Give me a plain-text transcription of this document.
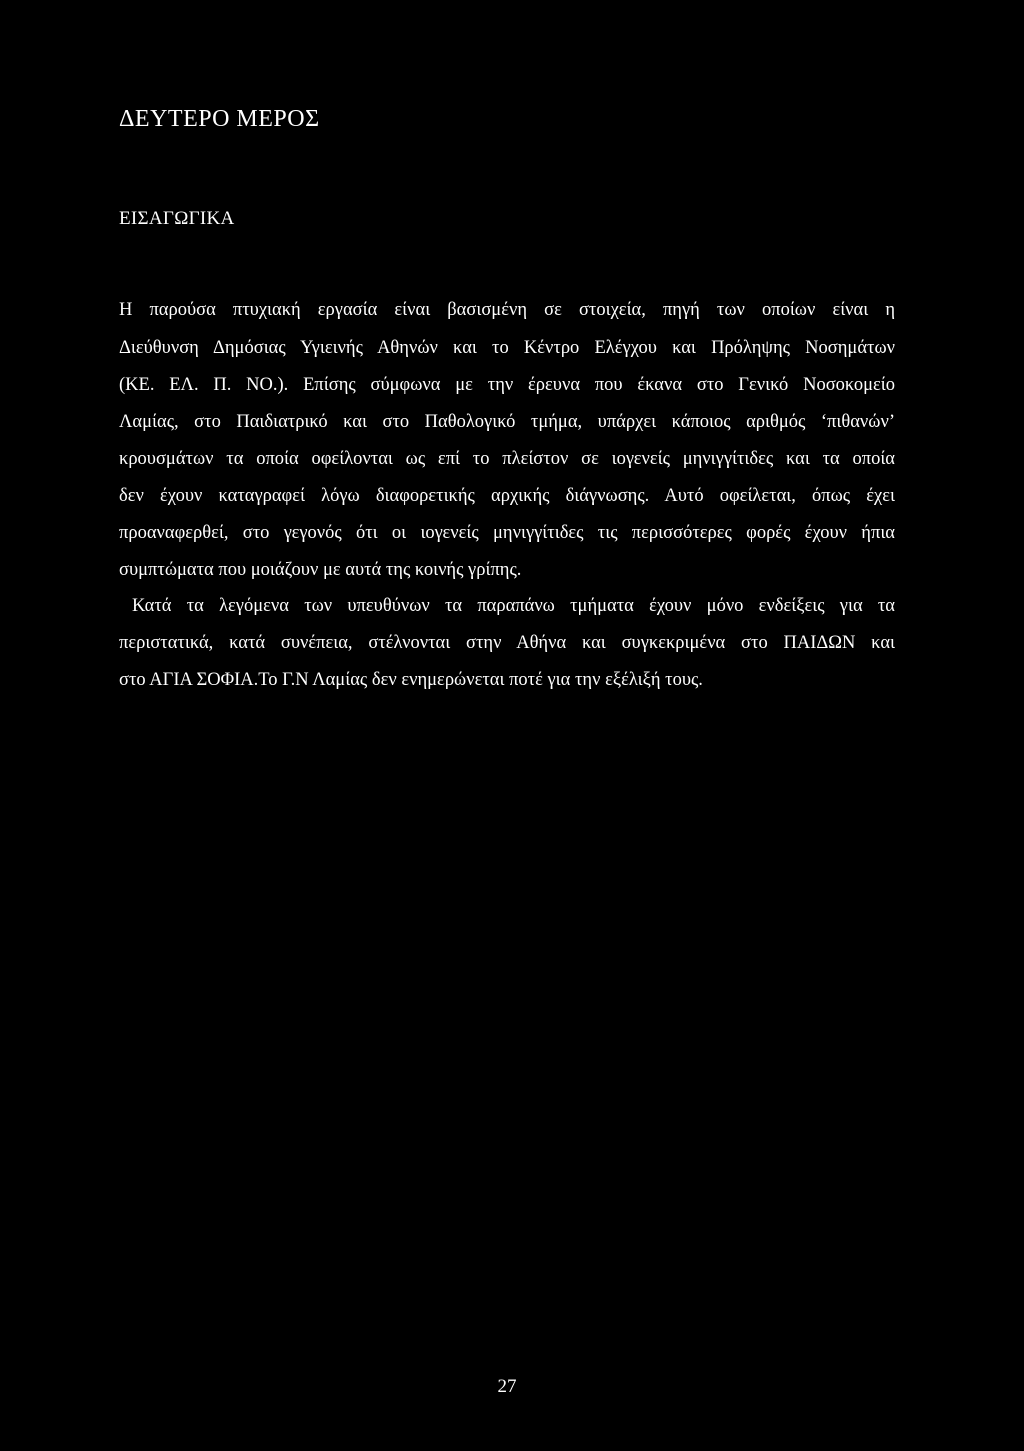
ΔΕΥΤΕΡΟ ΜΕΡΟΣ
ΕΙΣΑΓΩΓΙΚΑ
Η παρούσα πτυχιακή εργασία είναι βασισμένη σε στοιχεία, πηγή των οποίων είναι η
Διεύθυνση Δημόσιας Υγιεινής Αθηνών και το Κέντρο Ελέγχου και Πρόληψης Νοσημάτων
(ΚΕ. ΕΛ. Π. ΝΟ.). Επίσης σύμφωνα με την έρευνα που έκανα στο Γενικό Νοσοκομείο
Λαμίας, στο Παιδιατρικό και στο Παθολογικό τμήμα, υπάρχει κάποιος αριθμός ‘πιθανών’
κρουσμάτων τα οποία οφείλονται ως επί το πλείστον σε ιογενείς μηνιγγίτιδες και τα οποία
δεν έχουν καταγραφεί λόγω διαφορετικής αρχικής διάγνωσης. Αυτό οφείλεται, όπως έχει
προαναφερθεί, στο γεγονός ότι οι ιογενείς μηνιγγίτιδες τις περισσότερες φορές έχουν ήπια
συμπτώματα που μοιάζουν με αυτά της κοινής γρίπης.
Κατά τα λεγόμενα των υπευθύνων τα παραπάνω τμήματα έχουν μόνο ενδείξεις για τα
περιστατικά, κατά συνέπεια, στέλνονται στην Αθήνα και συγκεκριμένα στο ΠΑΙΔΩΝ και
στο ΑΓΙΑ ΣΟΦΙΑ.Το Γ.Ν Λαμίας δεν ενημερώνεται ποτέ για την εξέλιξή τους.
27
